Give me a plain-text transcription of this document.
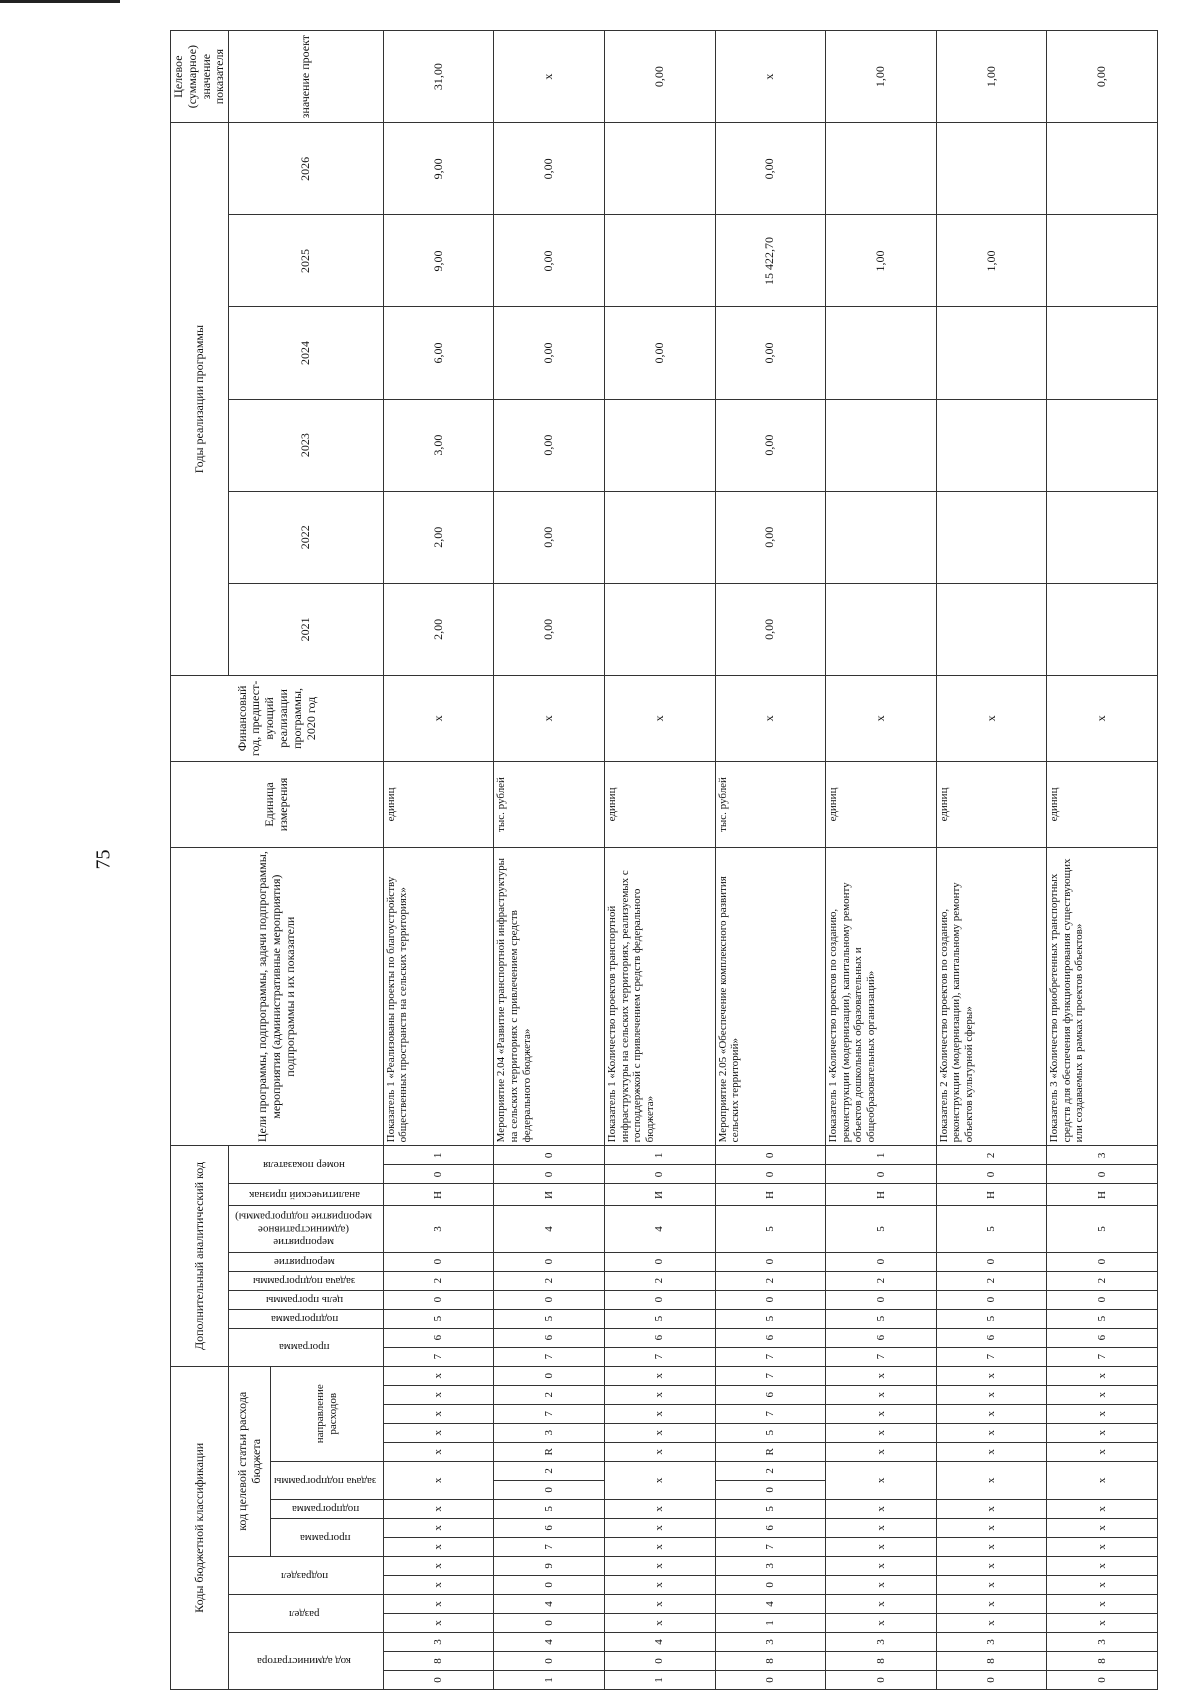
75
Коды бюджетной классификации																	Дополнительный аналитический код										Цели программы, подпрограммы, задачи подпрограммы, мероприятия (административные мероприятия) подпрограммы и их показатели	Единица измерения	Финансовый год, предшест-вующий реализации программы, 2020 год	Годы реализации программы						Целевое (суммарное) значение показателя
код администратора			раздел		подраздел		код целевой статьи расхода бюджета										программа		подпрограмма	цель программы	задача подпрограммы	мероприятие	мероприятие (административное мероприятие подпрограммы)	аналитический признак	номер показателя					2021	2022	2023	2024	2025	2026	значение проект
							программа		подпрограмма	задача подпрограммы		направление расходов																								
0	8	3	x	x	x	x	x	x	x	x		x	x	x	x	x	7	6	5	0	2	0	3	Н	0	1	Показатель 1 «Реализованы проекты по благоустройству общественных пространств на сельских территориях»	единиц	x	2,00	2,00	3,00	6,00	9,00	9,00	31,00
1	0	4	0	4	0	9	7	6	5	0	2	R	3	7	2	0	7	6	5	0	2	0	4	И	0	0	Мероприятие 2.04 «Развитие транспортной инфраструктуры на сельских территориях с привлечением средств федерального бюджета»	тыс. рублей	x	0,00	0,00	0,00	0,00	0,00	0,00	x
1	0	4	x	x	x	x	x	x	x	x		x	x	x	x	x	7	6	5	0	2	0	4	И	0	1	Показатель 1 «Количество проектов транспортной инфраструктуры на сельских территориях, реализуемых с господдержкой с привлечением средств федерального бюджета»	единиц	x				0,00			0,00
0	8	3	1	4	0	3	7	6	5	0	2	R	5	7	6	7	7	6	5	0	2	0	5	Н	0	0	Мероприятие 2.05 «Обеспечение комплексного развития сельских территорий»	тыс. рублей	x	0,00	0,00	0,00	0,00	15 422,70	0,00	x
0	8	3	x	x	x	x	x	x	x	x		x	x	x	x	x	7	6	5	0	2	0	5	Н	0	1	Показатель 1 «Количество проектов по созданию, реконструкции (модернизации), капитальному ремонту объектов дошкольных образовательных и общеобразовательных организаций»	единиц	x					1,00		1,00
0	8	3	x	x	x	x	x	x	x	x		x	x	x	x	x	7	6	5	0	2	0	5	Н	0	2	Показатель 2 «Количество проектов по созданию, реконструкции (модернизации), капитальному ремонту объектов культурной сферы»	единиц	x					1,00		1,00
0	8	3	x	x	x	x	x	x	x	x		x	x	x	x	x	7	6	5	0	2	0	5	Н	0	3	Показатель 3 «Количество приобретенных транспортных средств для обеспечения функционирования существующих или создаваемых в рамках проектов объектов»	единиц	x							0,00
